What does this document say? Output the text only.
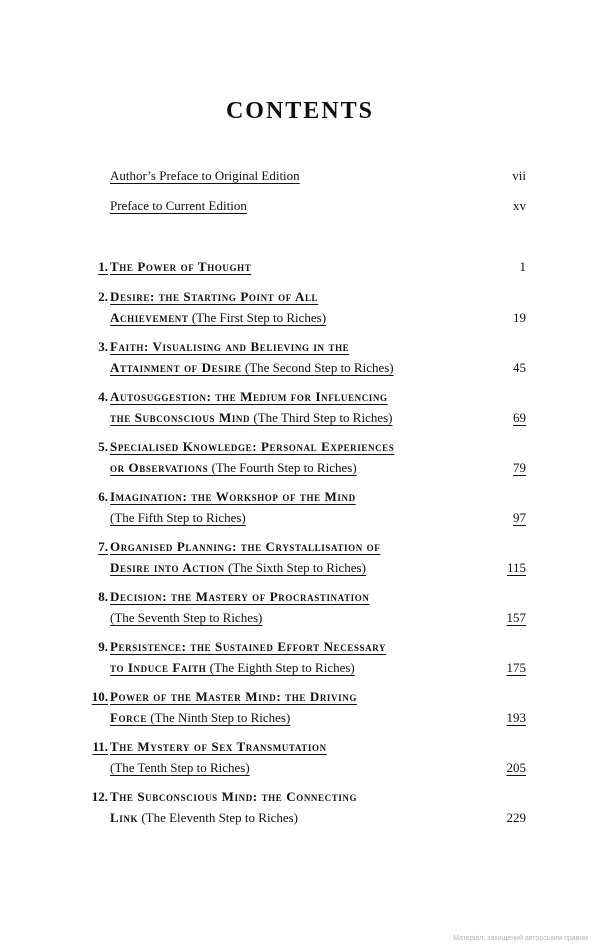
CONTENTS
Author’s Preface to Original Edition	vii
Preface to Current Edition	xv
1. The Power of Thought	1
2. Desire: the Starting Point of All
Achievement (The First Step to Riches)	19
3. Faith: Visualising and Believing in the
Attainment of Desire (The Second Step to Riches)	45
4. Autosuggestion: the Medium for Influencing
the Subconscious Mind (The Third Step to Riches)	69
5. Specialised Knowledge: Personal Experiences
or Observations (The Fourth Step to Riches)	79
6. Imagination: the Workshop of the Mind
(The Fifth Step to Riches)	97
7. Organised Planning: the Crystallisation of
Desire into Action (The Sixth Step to Riches)	115
8. Decision: the Mastery of Procrastination
(The Seventh Step to Riches)	157
9. Persistence: the Sustained Effort Necessary
to Induce Faith (The Eighth Step to Riches)	175
10. Power of the Master Mind: the Driving
Force (The Ninth Step to Riches)	193
11. The Mystery of Sex Transmutation
(The Tenth Step to Riches)	205
12. The Subconscious Mind: the Connecting
Link (The Eleventh Step to Riches)	229
Матеріал, захищений авторським правом
